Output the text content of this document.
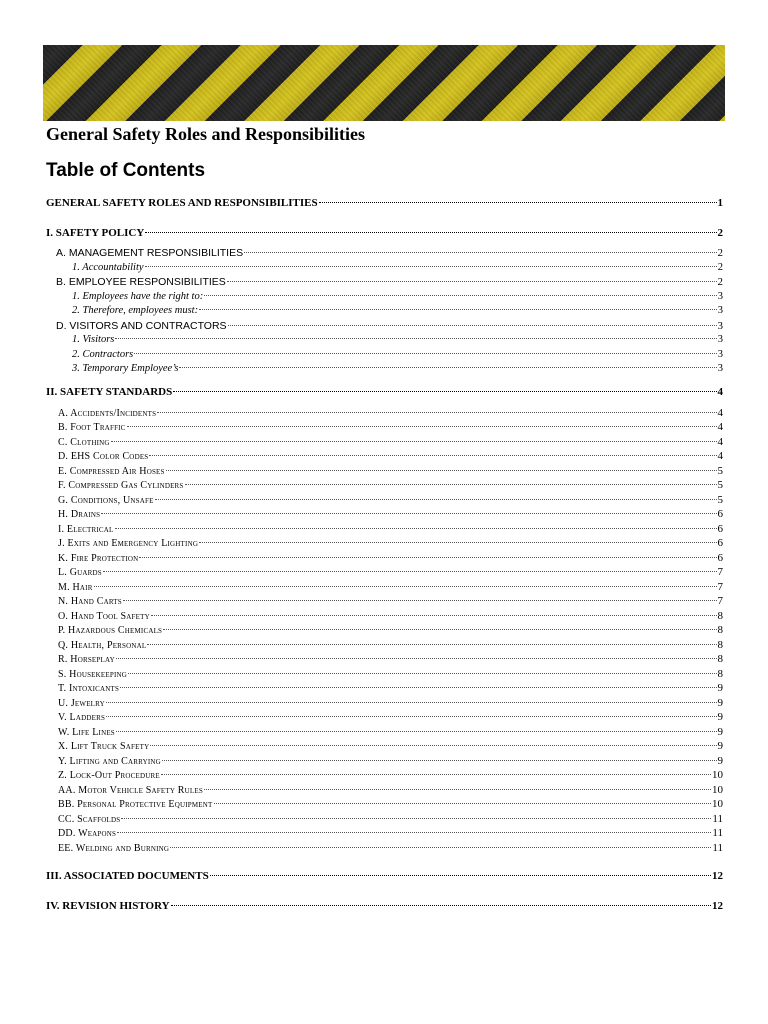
General Safety Roles and Responsibilities
Table of Contents
GENERAL SAFETY ROLES AND RESPONSIBILITIES	1
I. SAFETY POLICY	2
A. MANAGEMENT RESPONSIBILITIES	2
1. Accountability	2
B. EMPLOYEE RESPONSIBILITIES	2
1. Employees have the right to:	3
2. Therefore, employees must:	3
D. VISITORS AND CONTRACTORS	3
1. Visitors	3
2. Contractors	3
3. Temporary Employee’s	3
II. SAFETY STANDARDS	4
A. Accidents/Incidents	4
B. Foot Traffic	4
C. Clothing	4
D. EHS Color Codes	4
E. Compressed Air Hoses	5
F. Compressed Gas Cylinders	5
G. Conditions, Unsafe	5
H. Drains	6
I. Electrical	6
J. Exits and Emergency Lighting	6
K. Fire Protection	6
L. Guards	7
M. Hair	7
N. Hand Carts	7
O. Hand Tool Safety	8
P. Hazardous Chemicals	8
Q. Health, Personal	8
R. Horseplay	8
S. Housekeeping	8
T. Intoxicants	9
U. Jewelry	9
V. Ladders	9
W. Life Lines	9
X. Lift Truck Safety	9
Y. Lifting and Carrying	9
Z. Lock-Out Procedure	10
AA. Motor Vehicle Safety Rules	10
BB. Personal Protective Equipment	10
CC. Scaffolds	11
DD. Weapons	11
EE. Welding and Burning	11
III. ASSOCIATED DOCUMENTS	12
IV. REVISION HISTORY	12
